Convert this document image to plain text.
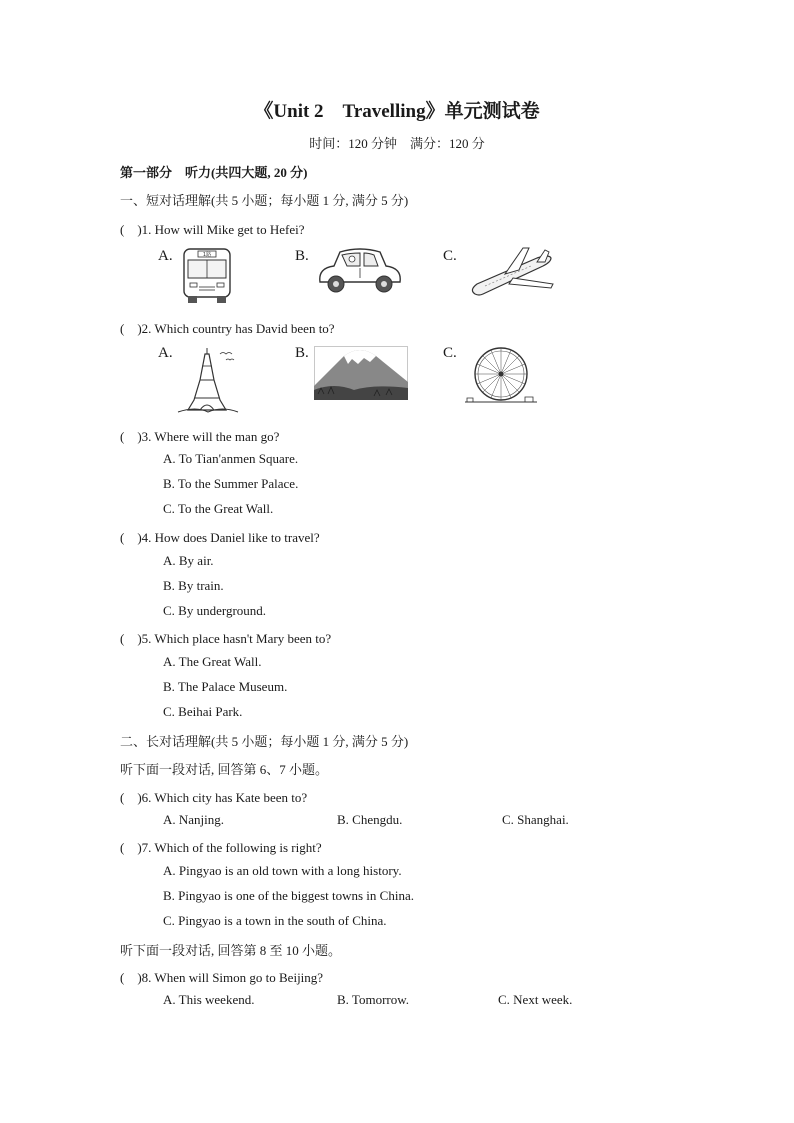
《Unit 2　Travelling》单元测试卷
时间：120 分钟　满分：120 分
第一部分　听力(共四大题, 20 分)
一、短对话理解(共 5 小题；每小题 1 分, 满分 5 分)
(　)1. How will Mike get to Hefei?
A.	B.	C.
1路
(　)2. Which country has David been to?
A.	B.	C.
(　)3. Where will the man go?
A. To Tian'anmen Square.
B. To the Summer Palace.
C. To the Great Wall.
(　)4. How does Daniel like to travel?
A. By air.
B. By train.
C. By underground.
(　)5. Which place hasn't Mary been to?
A. The Great Wall.
B. The Palace Museum.
C. Beihai Park.
二、长对话理解(共 5 小题；每小题 1 分, 满分 5 分)
听下面一段对话, 回答第 6、7 小题。
(　)6. Which city has Kate been to?
A. Nanjing.	B. Chengdu.	C. Shanghai.
(　)7. Which of the following is right?
A. Pingyao is an old town with a long history.
B. Pingyao is one of the biggest towns in China.
C. Pingyao is a town in the south of China.
听下面一段对话, 回答第 8 至 10 小题。
(　)8. When will Simon go to Beijing?
A. This weekend.	B. Tomorrow.	C. Next week.
